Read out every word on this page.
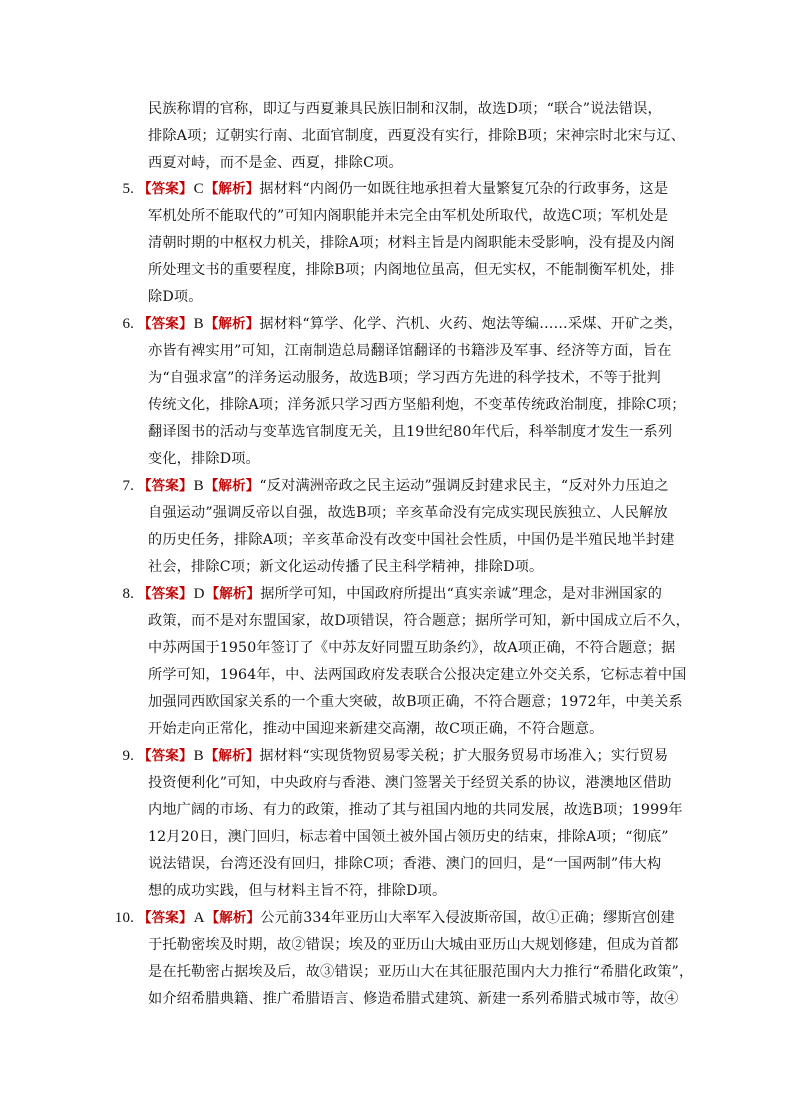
民族称谓的官称，即辽与西夏兼具民族旧制和汉制，故选D项；“联合”说法错误，
排除A项；辽朝实行南、北面官制度，西夏没有实行，排除B项；宋神宗时北宋与辽、
西夏对峙，而不是金、西夏，排除C项。
5. 【答案】C【解析】据材料“内阁仍一如既往地承担着大量繁复冗杂的行政事务，这是
军机处所不能取代的”可知内阁职能并未完全由军机处所取代，故选C项；军机处是
清朝时期的中枢权力机关，排除A项；材料主旨是内阁职能未受影响，没有提及内阁
所处理文书的重要程度，排除B项；内阁地位虽高，但无实权，不能制衡军机处，排
除D项。
6. 【答案】B【解析】据材料“算学、化学、汽机、火药、炮法等编……采煤、开矿之类，
亦皆有裨实用”可知，江南制造总局翻译馆翻译的书籍涉及军事、经济等方面，旨在
为“自强求富”的洋务运动服务，故选B项；学习西方先进的科学技术，不等于批判
传统文化，排除A项；洋务派只学习西方坚船利炮，不变革传统政治制度，排除C项；
翻译图书的活动与变革选官制度无关，且19世纪80年代后，科举制度才发生一系列
变化，排除D项。
7. 【答案】B【解析】“反对满洲帝政之民主运动”强调反封建求民主，“反对外力压迫之
自强运动”强调反帝以自强，故选B项；辛亥革命没有完成实现民族独立、人民解放
的历史任务，排除A项；辛亥革命没有改变中国社会性质，中国仍是半殖民地半封建
社会，排除C项；新文化运动传播了民主科学精神，排除D项。
8. 【答案】D【解析】据所学可知，中国政府所提出“真实亲诚”理念，是对非洲国家的
政策，而不是对东盟国家，故D项错误，符合题意；据所学可知，新中国成立后不久，
中苏两国于1950年签订了《中苏友好同盟互助条约》，故A项正确，不符合题意；据
所学可知，1964年，中、法两国政府发表联合公报决定建立外交关系，它标志着中国
加强同西欧国家关系的一个重大突破，故B项正确，不符合题意；1972年，中美关系
开始走向正常化，推动中国迎来新建交高潮，故C项正确，不符合题意。
9. 【答案】B【解析】据材料“实现货物贸易零关税；扩大服务贸易市场准入；实行贸易
投资便利化”可知，中央政府与香港、澳门签署关于经贸关系的协议，港澳地区借助
内地广阔的市场、有力的政策，推动了其与祖国内地的共同发展，故选B项；1999年
12月20日，澳门回归，标志着中国领土被外国占领历史的结束，排除A项；“彻底”
说法错误，台湾还没有回归，排除C项；香港、澳门的回归，是“一国两制”伟大构
想的成功实践，但与材料主旨不符，排除D项。
10. 【答案】A【解析】公元前334年亚历山大率军入侵波斯帝国，故①正确；缪斯宫创建
于托勒密埃及时期，故②错误；埃及的亚历山大城由亚历山大规划修建，但成为首都
是在托勒密占据埃及后，故③错误；亚历山大在其征服范围内大力推行“希腊化政策”，
如介绍希腊典籍、推广希腊语言、修造希腊式建筑、新建一系列希腊式城市等，故④
